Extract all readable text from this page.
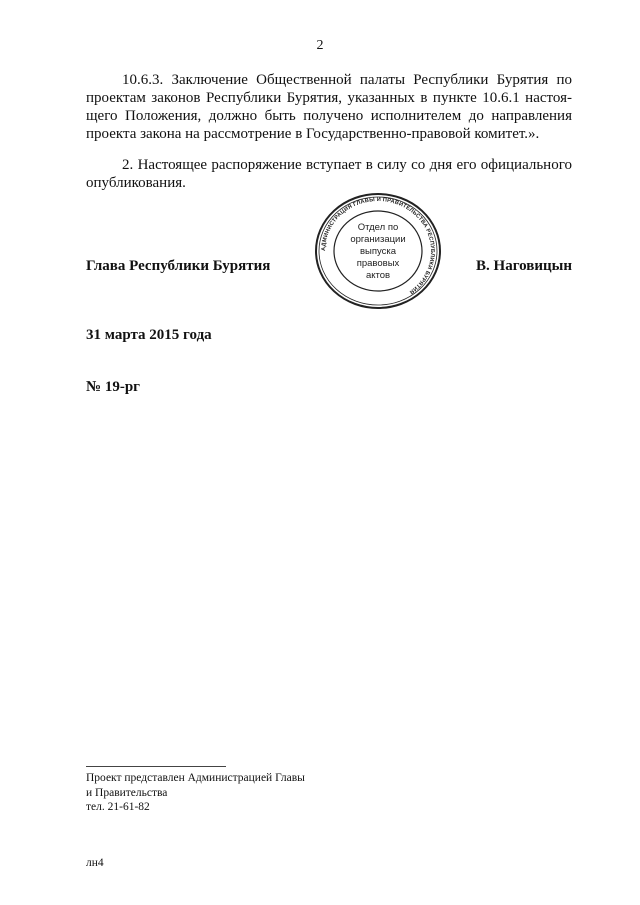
2

10.6.3. Заключение Общественной палаты Республики Бурятия по
проектам законов Республики Бурятия, указанных в пункте 10.6.1 настоя-
щего Положения, должно быть получено исполнителем до направления
проекта закона на рассмотрение в Государственно-правовой комитет.».

2. Настоящее распоряжение вступает в силу со дня его официального
опубликования.

АДМИНИСТРАЦИЯ ГЛАВЫ И ПРАВИТЕЛЬСТВА РЕСПУБЛИКИ БУРЯТИЯ
Отдел по
организации
выпуска
правовых
актов
Глава Республики Бурятия	В. Наговицын
31 марта 2015 года
№ 19-рг
Проект представлен Администрацией Главы
и Правительства
тел. 21-61-82
лн4
